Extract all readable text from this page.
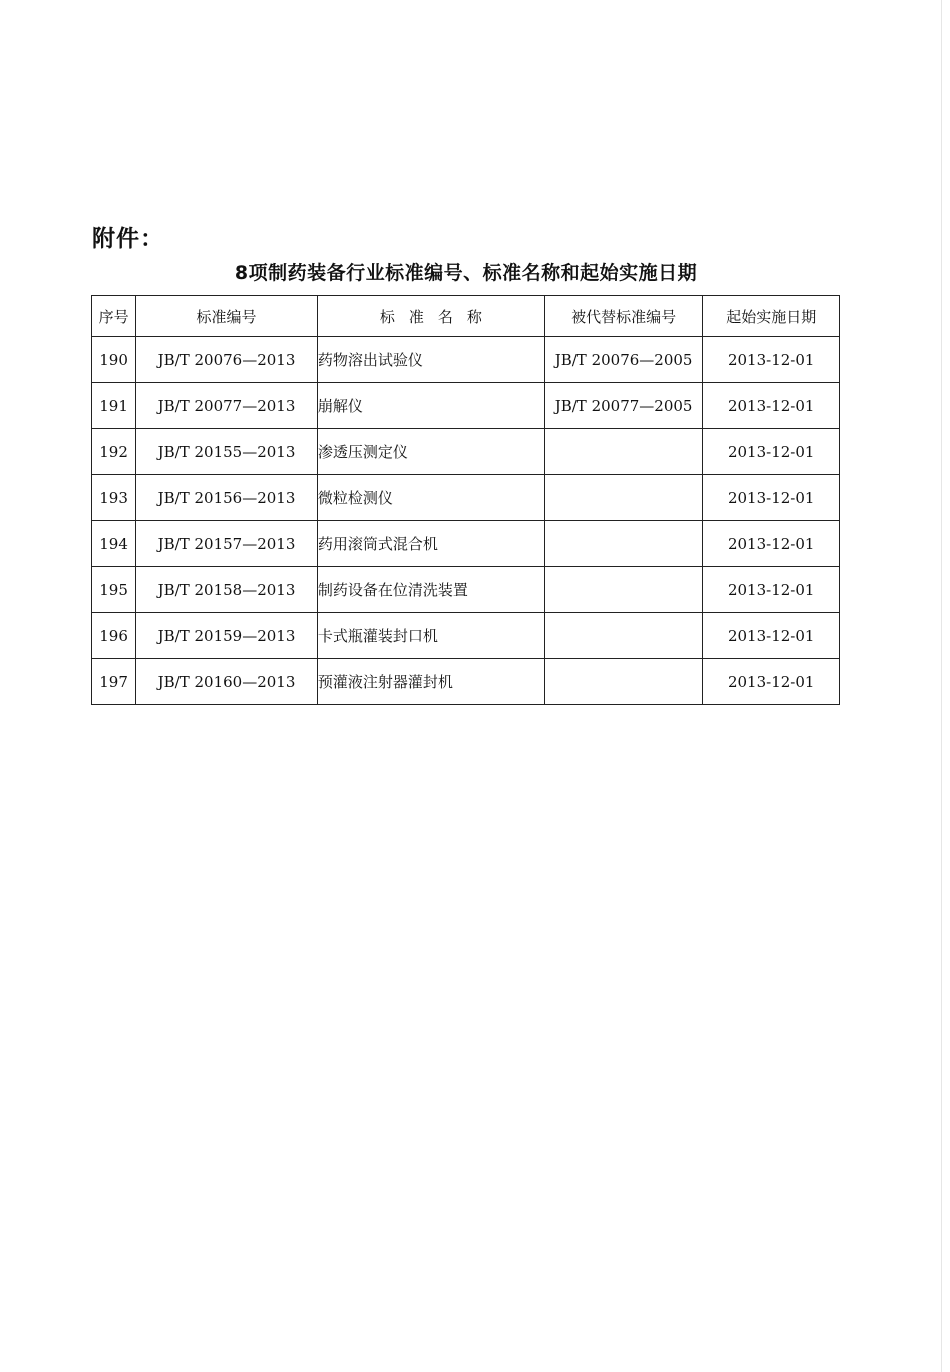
附件：
8项制药装备行业标准编号、标准名称和起始实施日期
序号	标准编号	标准名称	被代替标准编号	起始实施日期
190	JB/T 20076—2013	药物溶出试验仪	JB/T 20076—2005	2013-12-01
191	JB/T 20077—2013	崩解仪	JB/T 20077—2005	2013-12-01
192	JB/T 20155—2013	渗透压测定仪		2013-12-01
193	JB/T 20156—2013	微粒检测仪		2013-12-01
194	JB/T 20157—2013	药用滚筒式混合机		2013-12-01
195	JB/T 20158—2013	制药设备在位清洗装置		2013-12-01
196	JB/T 20159—2013	卡式瓶灌装封口机		2013-12-01
197	JB/T 20160—2013	预灌液注射器灌封机		2013-12-01
